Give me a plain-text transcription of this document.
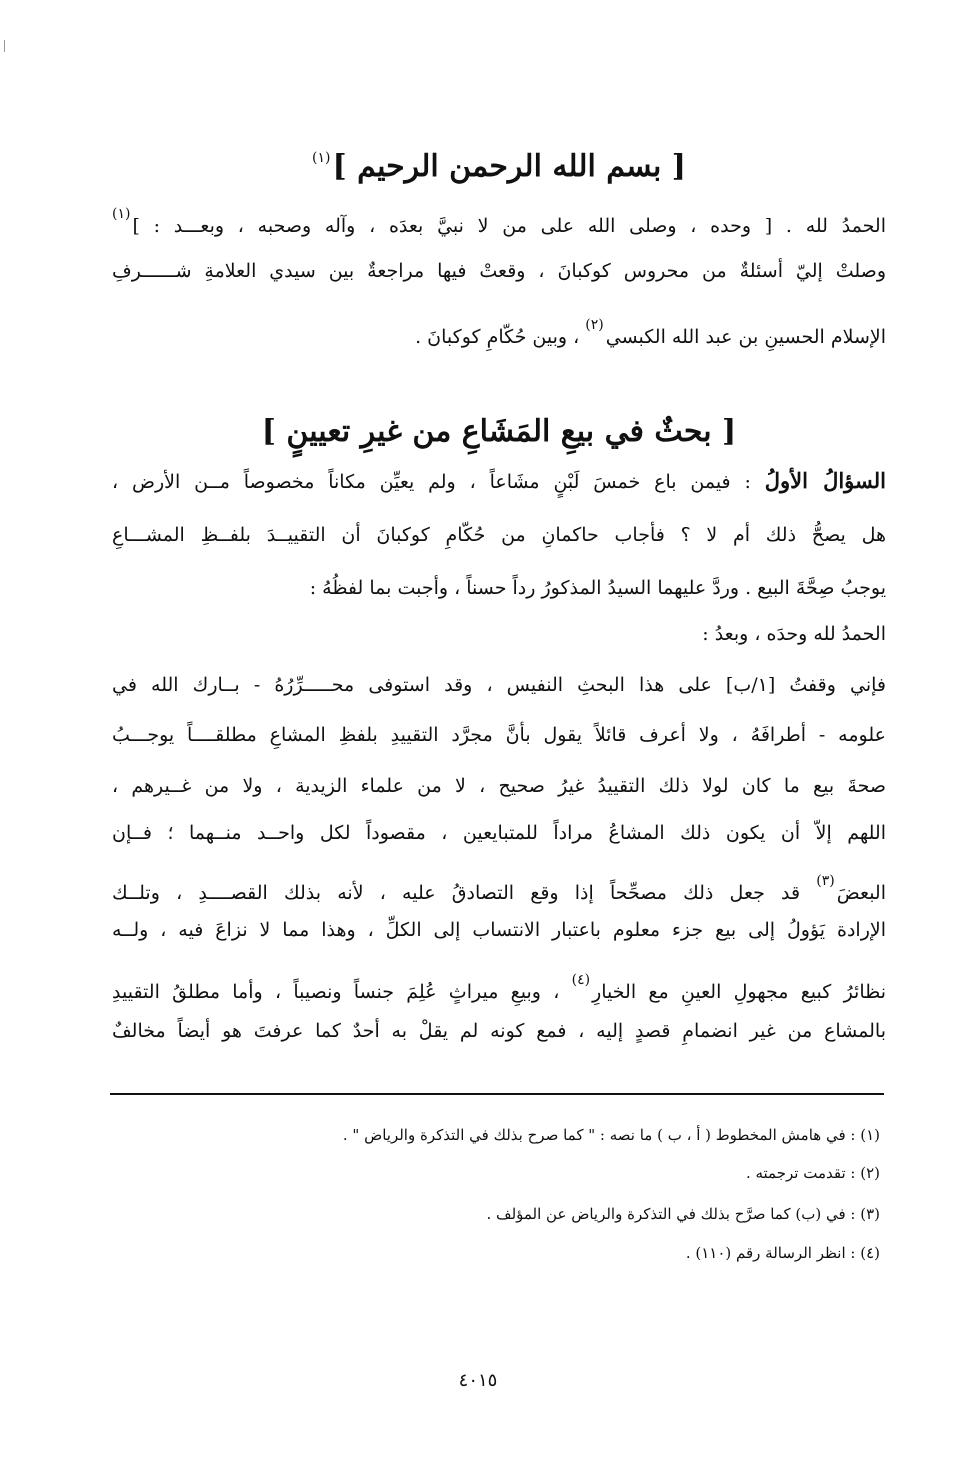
[ بسم الله الرحمن الرحيم ]$^{(١)}$
الحمدُ لله . [ وحده ، وصلى الله على من لا نبيَّ بعدَه ، وآله وصحبه ، وبعـــد : ]$^{(١)}$
وصلتْ إليّ أسئلةٌ من محروس كوكبانَ ، وقعتْ فيها مراجعةٌ بين سيدي العلامةِ شــــــرفِ
الإسلام الحسينِ بن عبد الله الكبسي$^{(٢)}$ ، وبين حُكّامِ كوكبانَ .
[ بحثٌ في بيعِ المَشَاعِ من غيرِ تعيينٍ ]
السؤالُ الأولُ : فيمن باع خمسَ لَبْنٍ مشَاعاً ، ولم يعيِّن مكاناً مخصوصاً مــن الأرض ،
هل يصحُّ ذلك أم لا ؟ فأجاب حاكمانِ من حُكّامِ كوكبانَ أن التقييــدَ بلفــظِ المشـــاعِ
يوجبُ صِحَّةَ البيع . وردَّ عليهما السيدُ المذكورُ رداً حسناً ، وأجبت بما لفظُهُ :
الحمدُ لله وحدَه ، وبعدُ :
فإني وقفتُ [١/ب] على هذا البحثِ النفيس ، وقد استوفى محـــــرِّرُهُ - بــارك الله في
علومه - أطرافَهُ ، ولا أعرف قائلاً يقول بأنَّ مجرَّد التقييدِ بلفظِ المشاعِ مطلقــــاً يوجـــبُ
صحةَ بيع ما كان لولا ذلك التقييدُ غيرُ صحيح ، لا من علماء الزيدية ، ولا من غــيرهم ،
اللهم إلاّ أن يكون ذلك المشاعُ مراداً للمتبايعين ، مقصوداً لكل واحــد منــهما ؛ فــإن
البعضَ$^{(٣)}$ قد جعل ذلك مصحِّحاً إذا وقع التصادقُ عليه ، لأنه بذلك القصــــدِ ، وتلــك
الإرادة يَؤولُ إلى بيع جزء معلوم باعتبار الانتساب إلى الكلِّ ، وهذا مما لا نزاعَ فيه ، ولــه
نظائرُ كبيع مجهولِ العينِ مع الخيارِ$^{(٤)}$ ، وبيعِ ميراثٍ عُلِمَ جنساً ونصيباً ، وأما مطلقُ التقييدِ
بالمشاع من غير انضمامِ قصدٍ إليه ، فمع كونه لم يقلْ به أحدٌ كما عرفتَ هو أيضاً مخالفٌ
(١) : في هامش المخطوط ( أ ، ب ) ما نصه : " كما صرح بذلك في التذكرة والرياض " .
(٢) : تقدمت ترجمته .
(٣) : في (ب) كما صرَّح بذلك في التذكرة والرياض عن المؤلف .
(٤) : انظر الرسالة رقم (١١٠) .
٤٠١٥
